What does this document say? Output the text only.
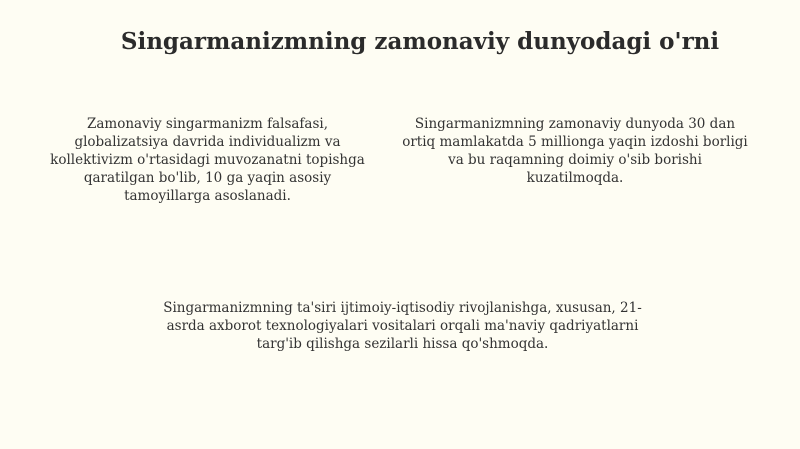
Singarmanizmning zamonaviy dunyodagi o'rni

Zamonaviy singarmanizm falsafasi, globalizatsiya davrida individualizm va kollektivizm o'rtasidagi muvozanatni topishga qaratilgan bo'lib, 10 ga yaqin asosiy tamoyillarga asoslanadi.

Singarmanizmning zamonaviy dunyoda 30 dan ortiq mamlakatda 5 millionga yaqin izdoshi borligi va bu raqamning doimiy o'sib borishi kuzatilmoqda.

Singarmanizmning ta'siri ijtimoiy-iqtisodiy rivojlanishga, xususan, 21-asrda axborot texnologiyalari vositalari orqali ma'naviy qadriyatlarni targ'ib qilishga sezilarli hissa qo'shmoqda.
